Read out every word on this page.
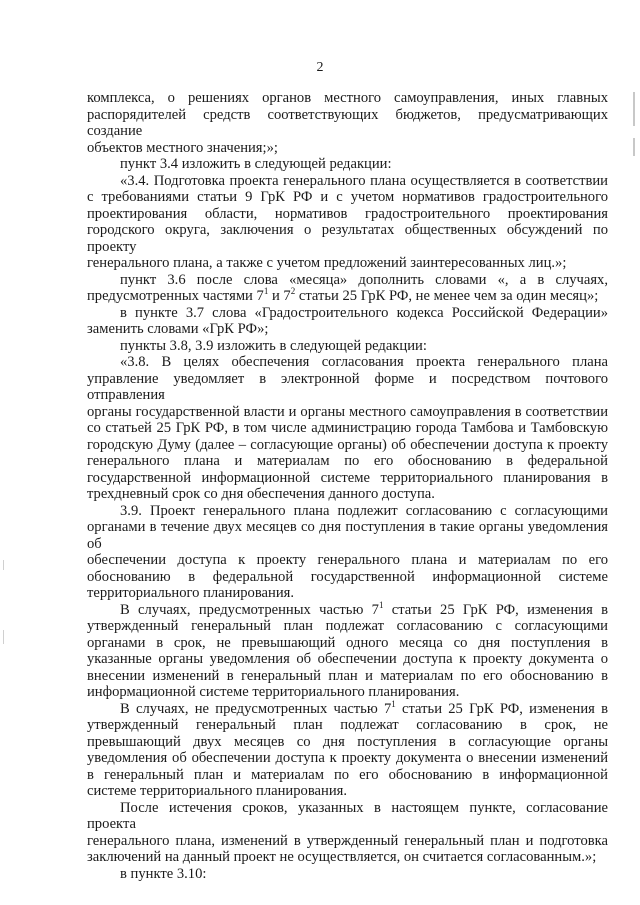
2

комплекса, о решениях органов местного самоуправления, иных главных

распорядителей средств соответствующих бюджетов, предусматривающих создание

объектов местного значения;»;

пункт 3.4 изложить в следующей редакции:

«3.4. Подготовка проекта генерального плана осуществляется в соответствии

с требованиями статьи 9 ГрК РФ и с учетом нормативов градостроительного

проектирования области, нормативов градостроительного проектирования

городского округа, заключения о результатах общественных обсуждений по проекту

генерального плана, а также с учетом предложений заинтересованных лиц.»;

пункт 3.6 после слова «месяца» дополнить словами «, а в случаях,

предусмотренных частями $7^1$ и $7^2$ статьи 25 ГрК РФ, не менее чем за один месяц»;

в пункте 3.7 слова «Градостроительного кодекса Российской Федерации»

заменить словами «ГрК РФ»;

пункты 3.8, 3.9 изложить в следующей редакции:

«3.8. В целях обеспечения согласования проекта генерального плана

управление уведомляет в электронной форме и посредством почтового отправления

органы государственной власти и органы местного самоуправления в соответствии

со статьей 25 ГрК РФ, в том числе администрацию города Тамбова и Тамбовскую

городскую Думу (далее – согласующие органы) об обеспечении доступа к проекту

генерального плана и материалам по его обоснованию в федеральной

государственной информационной системе территориального планирования в

трехдневный срок со дня обеспечения данного доступа.

3.9. Проект генерального плана подлежит согласованию с согласующими

органами в течение двух месяцев со дня поступления в такие органы уведомления об

обеспечении доступа к проекту генерального плана и материалам по его

обоснованию в федеральной государственной информационной системе

территориального планирования.

В случаях, предусмотренных частью $7^1$ статьи 25 ГрК РФ, изменения в

утвержденный генеральный план подлежат согласованию с согласующими

органами в срок, не превышающий одного месяца со дня поступления в

указанные органы уведомления об обеспечении доступа к проекту документа о

внесении изменений в генеральный план и материалам по его обоснованию в

информационной системе территориального планирования.

В случаях, не предусмотренных частью $7^1$ статьи 25 ГрК РФ, изменения в

утвержденный генеральный план подлежат согласованию в срок, не

превышающий двух месяцев со дня поступления в согласующие органы

уведомления об обеспечении доступа к проекту документа о внесении изменений

в генеральный план и материалам по его обоснованию в информационной

системе территориального планирования.

После истечения сроков, указанных в настоящем пункте, согласование проекта

генерального плана, изменений в утвержденный генеральный план и подготовка

заключений на данный проект не осуществляется, он считается согласованным.»;

в пункте 3.10:
